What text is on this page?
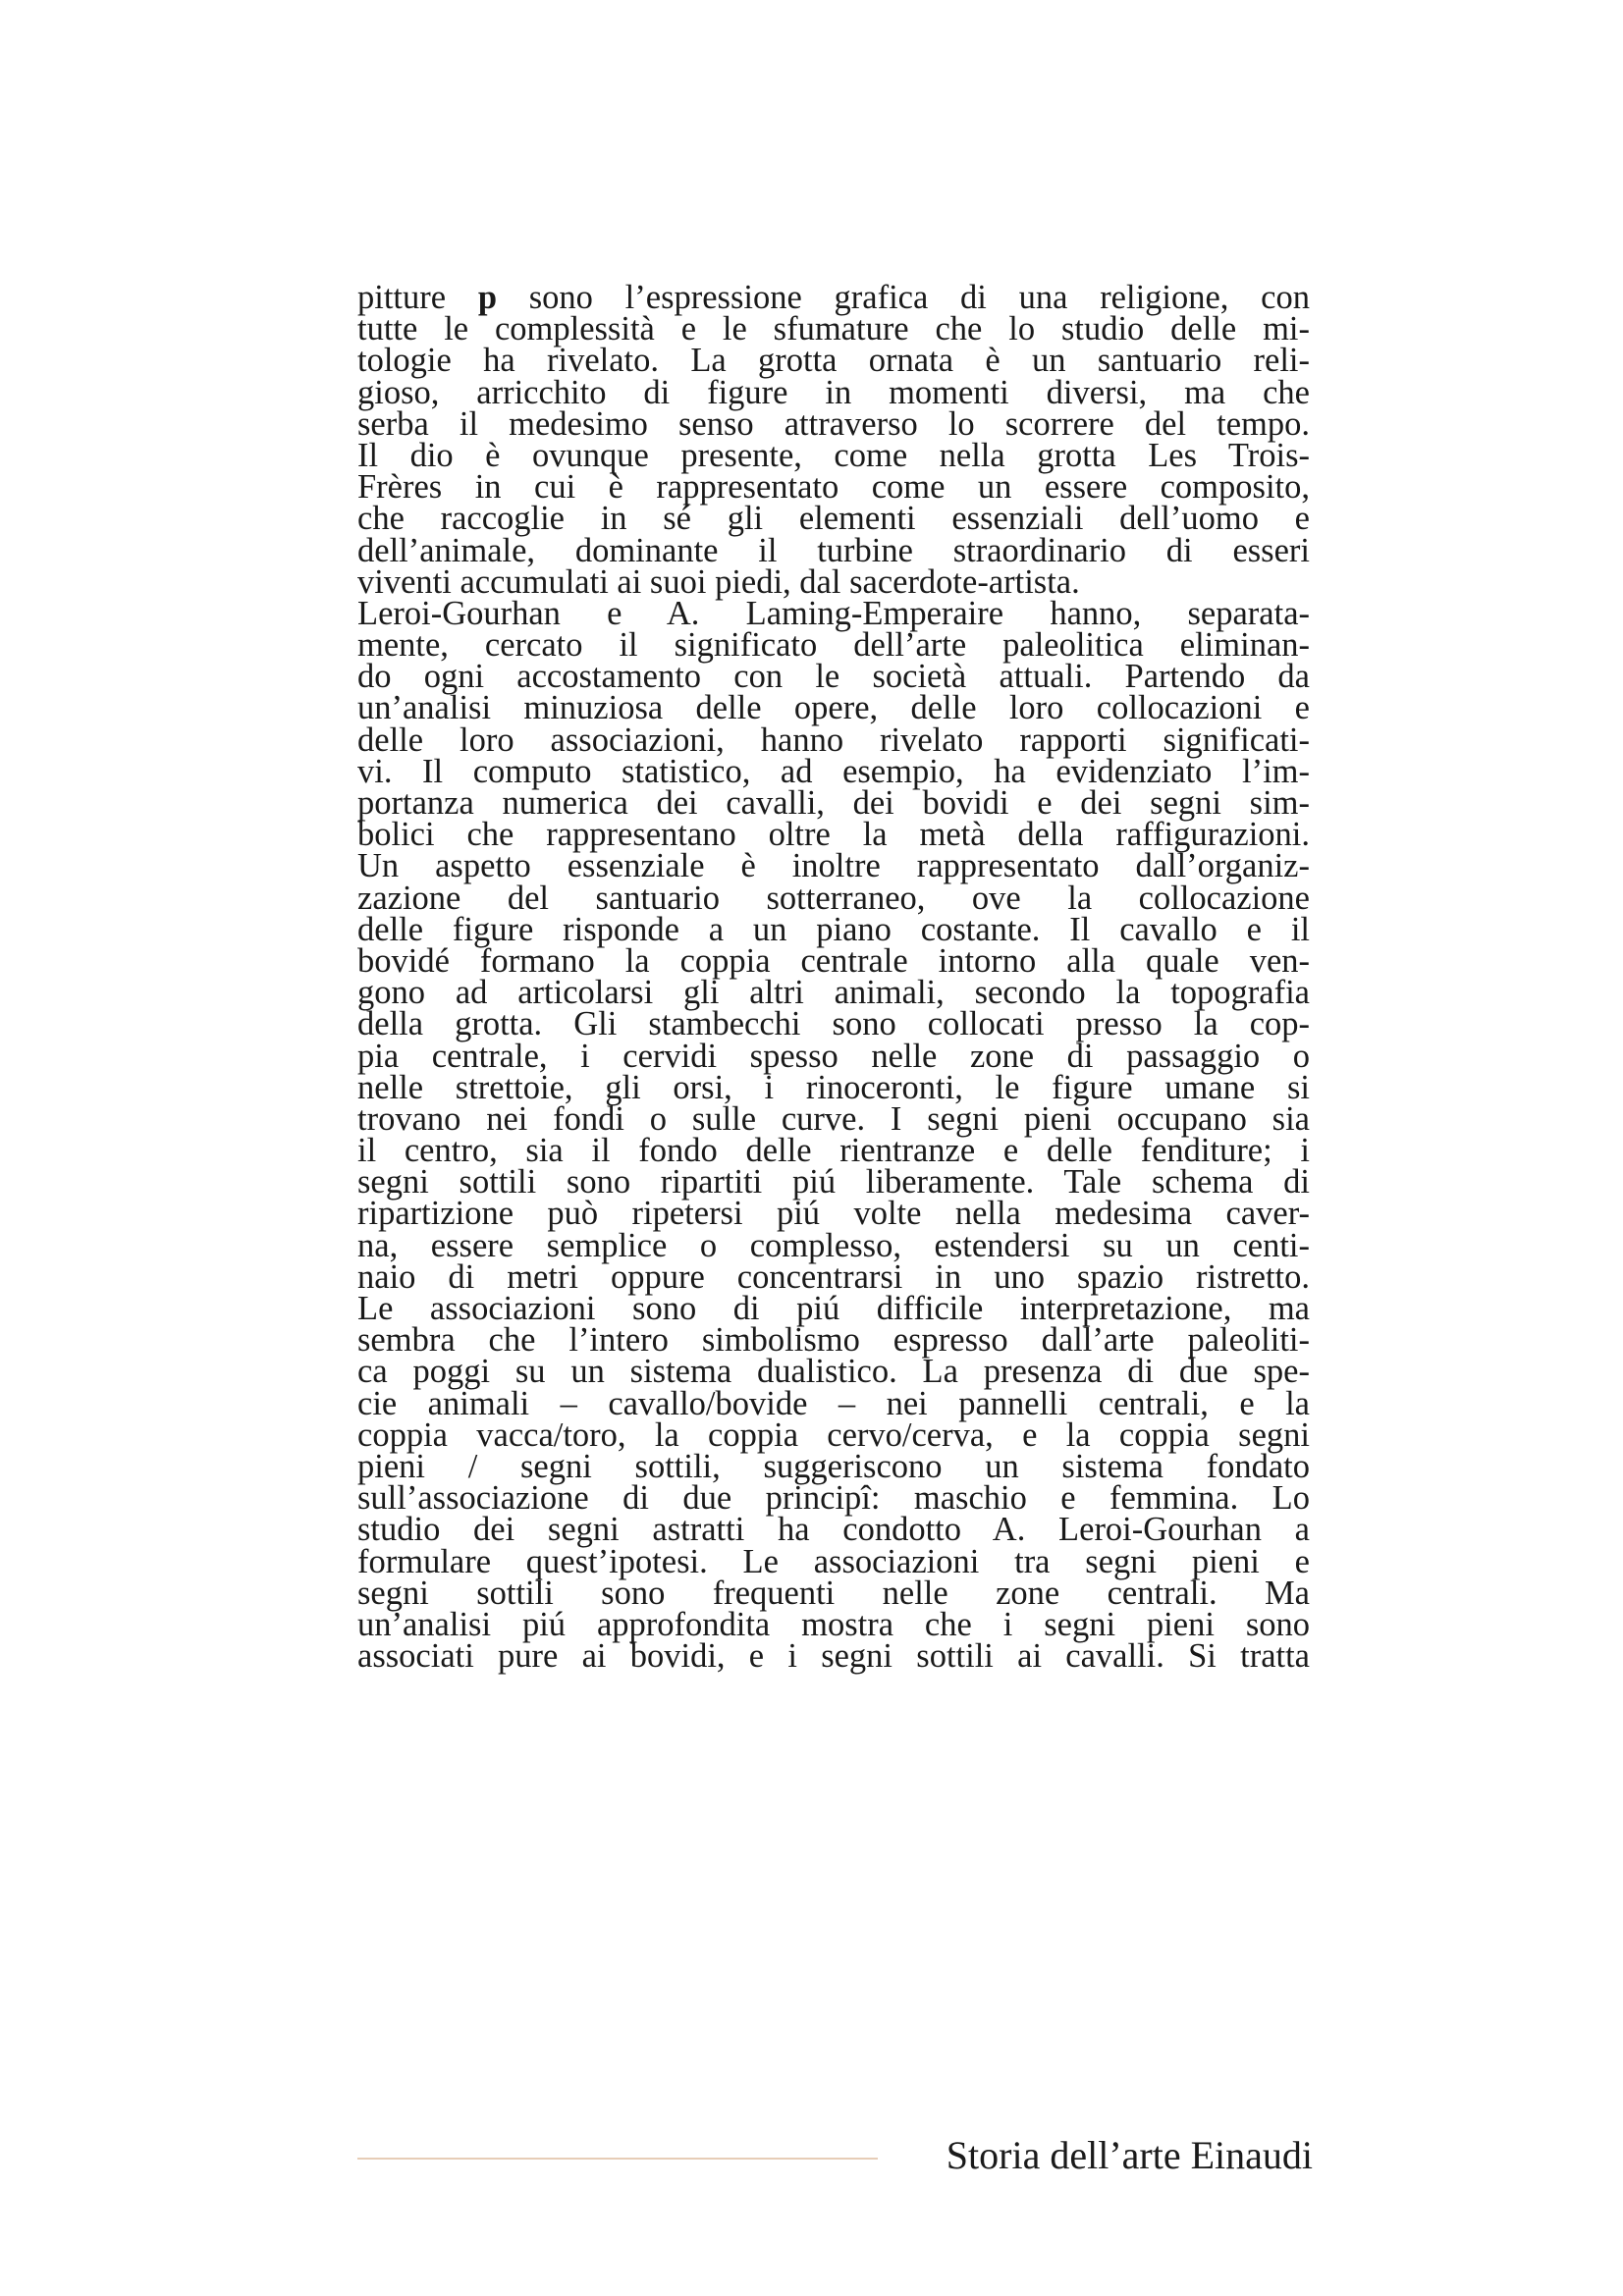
pitture p sono l’espressione grafica di una religione, con
tutte le complessità e le sfumature che lo studio delle mi-
tologie ha rivelato. La grotta ornata è un santuario reli-
gioso, arricchito di figure in momenti diversi, ma che
serba il medesimo senso attraverso lo scorrere del tempo.
Il dio è ovunque presente, come nella grotta Les Trois-
Frères in cui è rappresentato come un essere composito,
che raccoglie in sé gli elementi essenziali dell’uomo e
dell’animale, dominante il turbine straordinario di esseri
viventi accumulati ai suoi piedi, dal sacerdote-artista.
Leroi-Gourhan e A. Laming-Emperaire hanno, separata-
mente, cercato il significato dell’arte paleolitica eliminan-
do ogni accostamento con le società attuali. Partendo da
un’analisi minuziosa delle opere, delle loro collocazioni e
delle loro associazioni, hanno rivelato rapporti significati-
vi. Il computo statistico, ad esempio, ha evidenziato l’im-
portanza numerica dei cavalli, dei bovidi e dei segni sim-
bolici che rappresentano oltre la metà della raffigurazioni.
Un aspetto essenziale è inoltre rappresentato dall’organiz-
zazione del santuario sotterraneo, ove la collocazione
delle figure risponde a un piano costante. Il cavallo e il
bovidé formano la coppia centrale intorno alla quale ven-
gono ad articolarsi gli altri animali, secondo la topografia
della grotta. Gli stambecchi sono collocati presso la cop-
pia centrale, i cervidi spesso nelle zone di passaggio o
nelle strettoie, gli orsi, i rinoceronti, le figure umane si
trovano nei fondi o sulle curve. I segni pieni occupano sia
il centro, sia il fondo delle rientranze e delle fenditure; i
segni sottili sono ripartiti piú liberamente. Tale schema di
ripartizione può ripetersi piú volte nella medesima caver-
na, essere semplice o complesso, estendersi su un centi-
naio di metri oppure concentrarsi in uno spazio ristretto.
Le associazioni sono di piú difficile interpretazione, ma
sembra che l’intero simbolismo espresso dall’arte paleoliti-
ca poggi su un sistema dualistico. La presenza di due spe-
cie animali – cavallo/bovide – nei pannelli centrali, e la
coppia vacca/toro, la coppia cervo/cerva, e la coppia segni
pieni / segni sottili, suggeriscono un sistema fondato
sull’associazione di due principî: maschio e femmina. Lo
studio dei segni astratti ha condotto A. Leroi-Gourhan a
formulare quest’ipotesi. Le associazioni tra segni pieni e
segni sottili sono frequenti nelle zone centrali. Ma
un’analisi piú approfondita mostra che i segni pieni sono
associati pure ai bovidi, e i segni sottili ai cavalli. Si tratta
Storia dell’arte Einaudi
